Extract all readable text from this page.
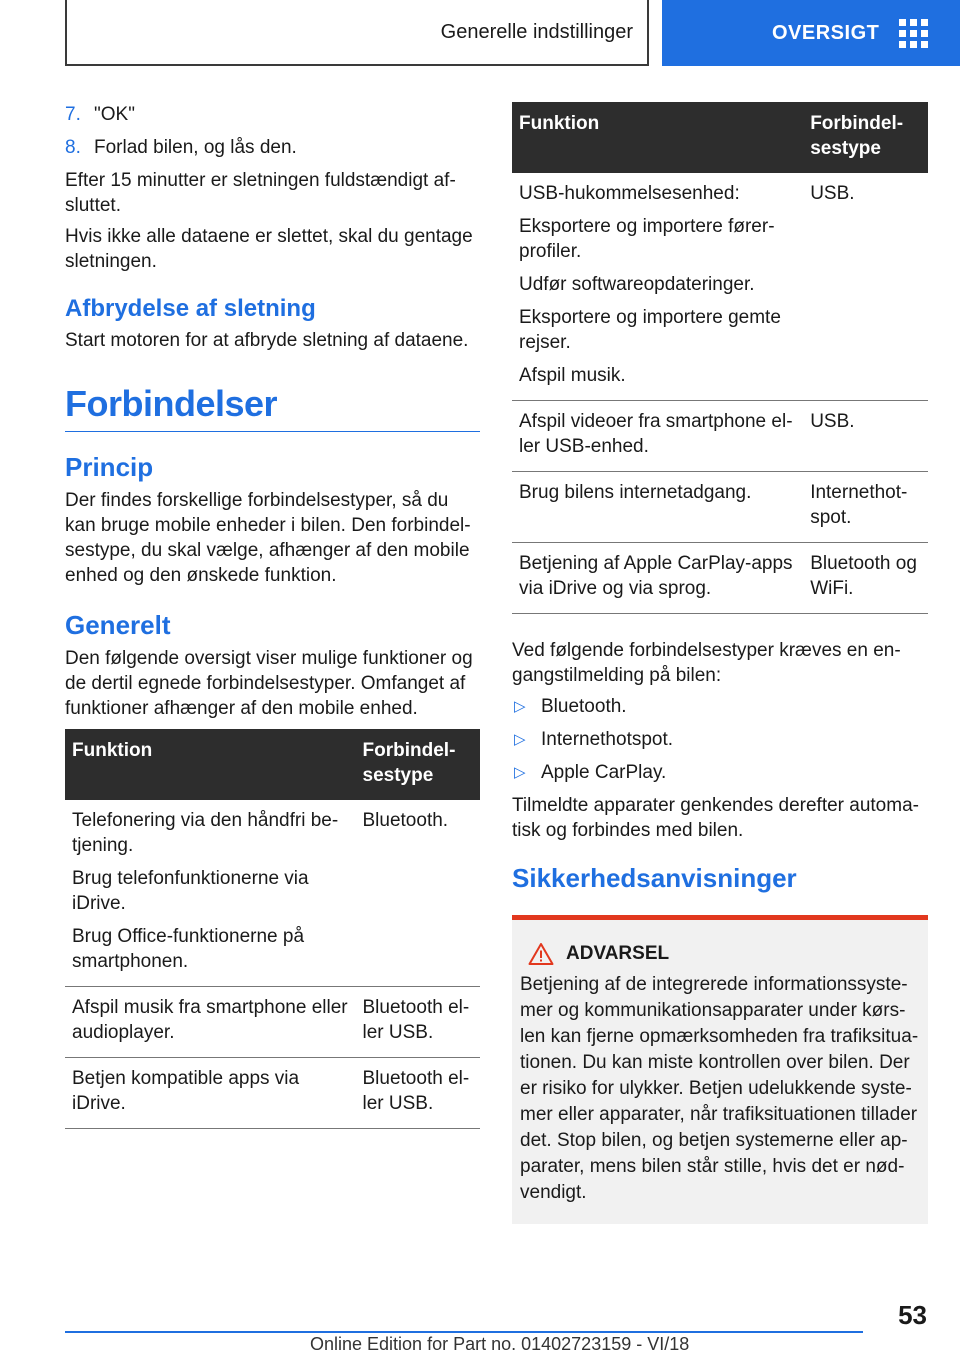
Generelle indstillinger	OVERSIGT
7. "OK"
8. Forlad bilen, og lås den.

Efter 15 minutter er sletningen fuldstændigt afsluttet.

Hvis ikke alle dataene er slettet, skal du gentage sletningen.

Afbrydelse af sletning

Start motoren for at afbryde sletning af dataene.

Forbindelser
Princip

Der findes forskellige forbindelsestyper, så du kan bruge mobile enheder i bilen. Den forbindelsestype, du skal vælge, afhænger af den mobile enhed og den ønskede funktion.

Generelt

Den følgende oversigt viser mulige funktioner og de dertil egnede forbindelsestyper. Omfanget af funktioner afhænger af den mobile enhed.

Funktion	Forbindelsestype

Telefonering via den håndfri betjening.
Brug telefonfunktionerne via iDrive.
Brug Office-funktionerne på smartphonen.	Bluetooth.

Afspil musik fra smartphone eller audioplayer.	Bluetooth eller USB.

Betjen kompatible apps via iDrive.	Bluetooth eller USB.
Funktion	Forbindelsestype

USB-hukommelsesenhed:
Eksportere og importere førerprofiler.
Udfør softwareopdateringer.
Eksportere og importere gemte rejser.
Afspil musik.	USB.

Afspil videoer fra smartphone eller USB-enhed.	USB.

Brug bilens internetadgang.	Internethotspot.

Betjening af Apple CarPlay-apps via iDrive og via sprog.	Bluetooth og WiFi.

Ved følgende forbindelsestyper kræves en engangstilmelding på bilen:

▷ Bluetooth.
▷ Internethotspot.
▷ Apple CarPlay.

Tilmeldte apparater genkendes derefter automatisk og forbindes med bilen.

Sikkerhedsanvisninger
ADVARSEL

Betjening af de integrerede informationssystemer og kommunikationsapparater under kørslen kan fjerne opmærksomheden fra trafiksituationen. Du kan miste kontrollen over bilen. Der er risiko for ulykker. Betjen udelukkende systemer eller apparater, når trafiksituationen tillader det. Stop bilen, og betjen systemerne eller apparater, mens bilen står stille, hvis det er nødvendigt.

53
Online Edition for Part no. 01402723159 - VI/18
